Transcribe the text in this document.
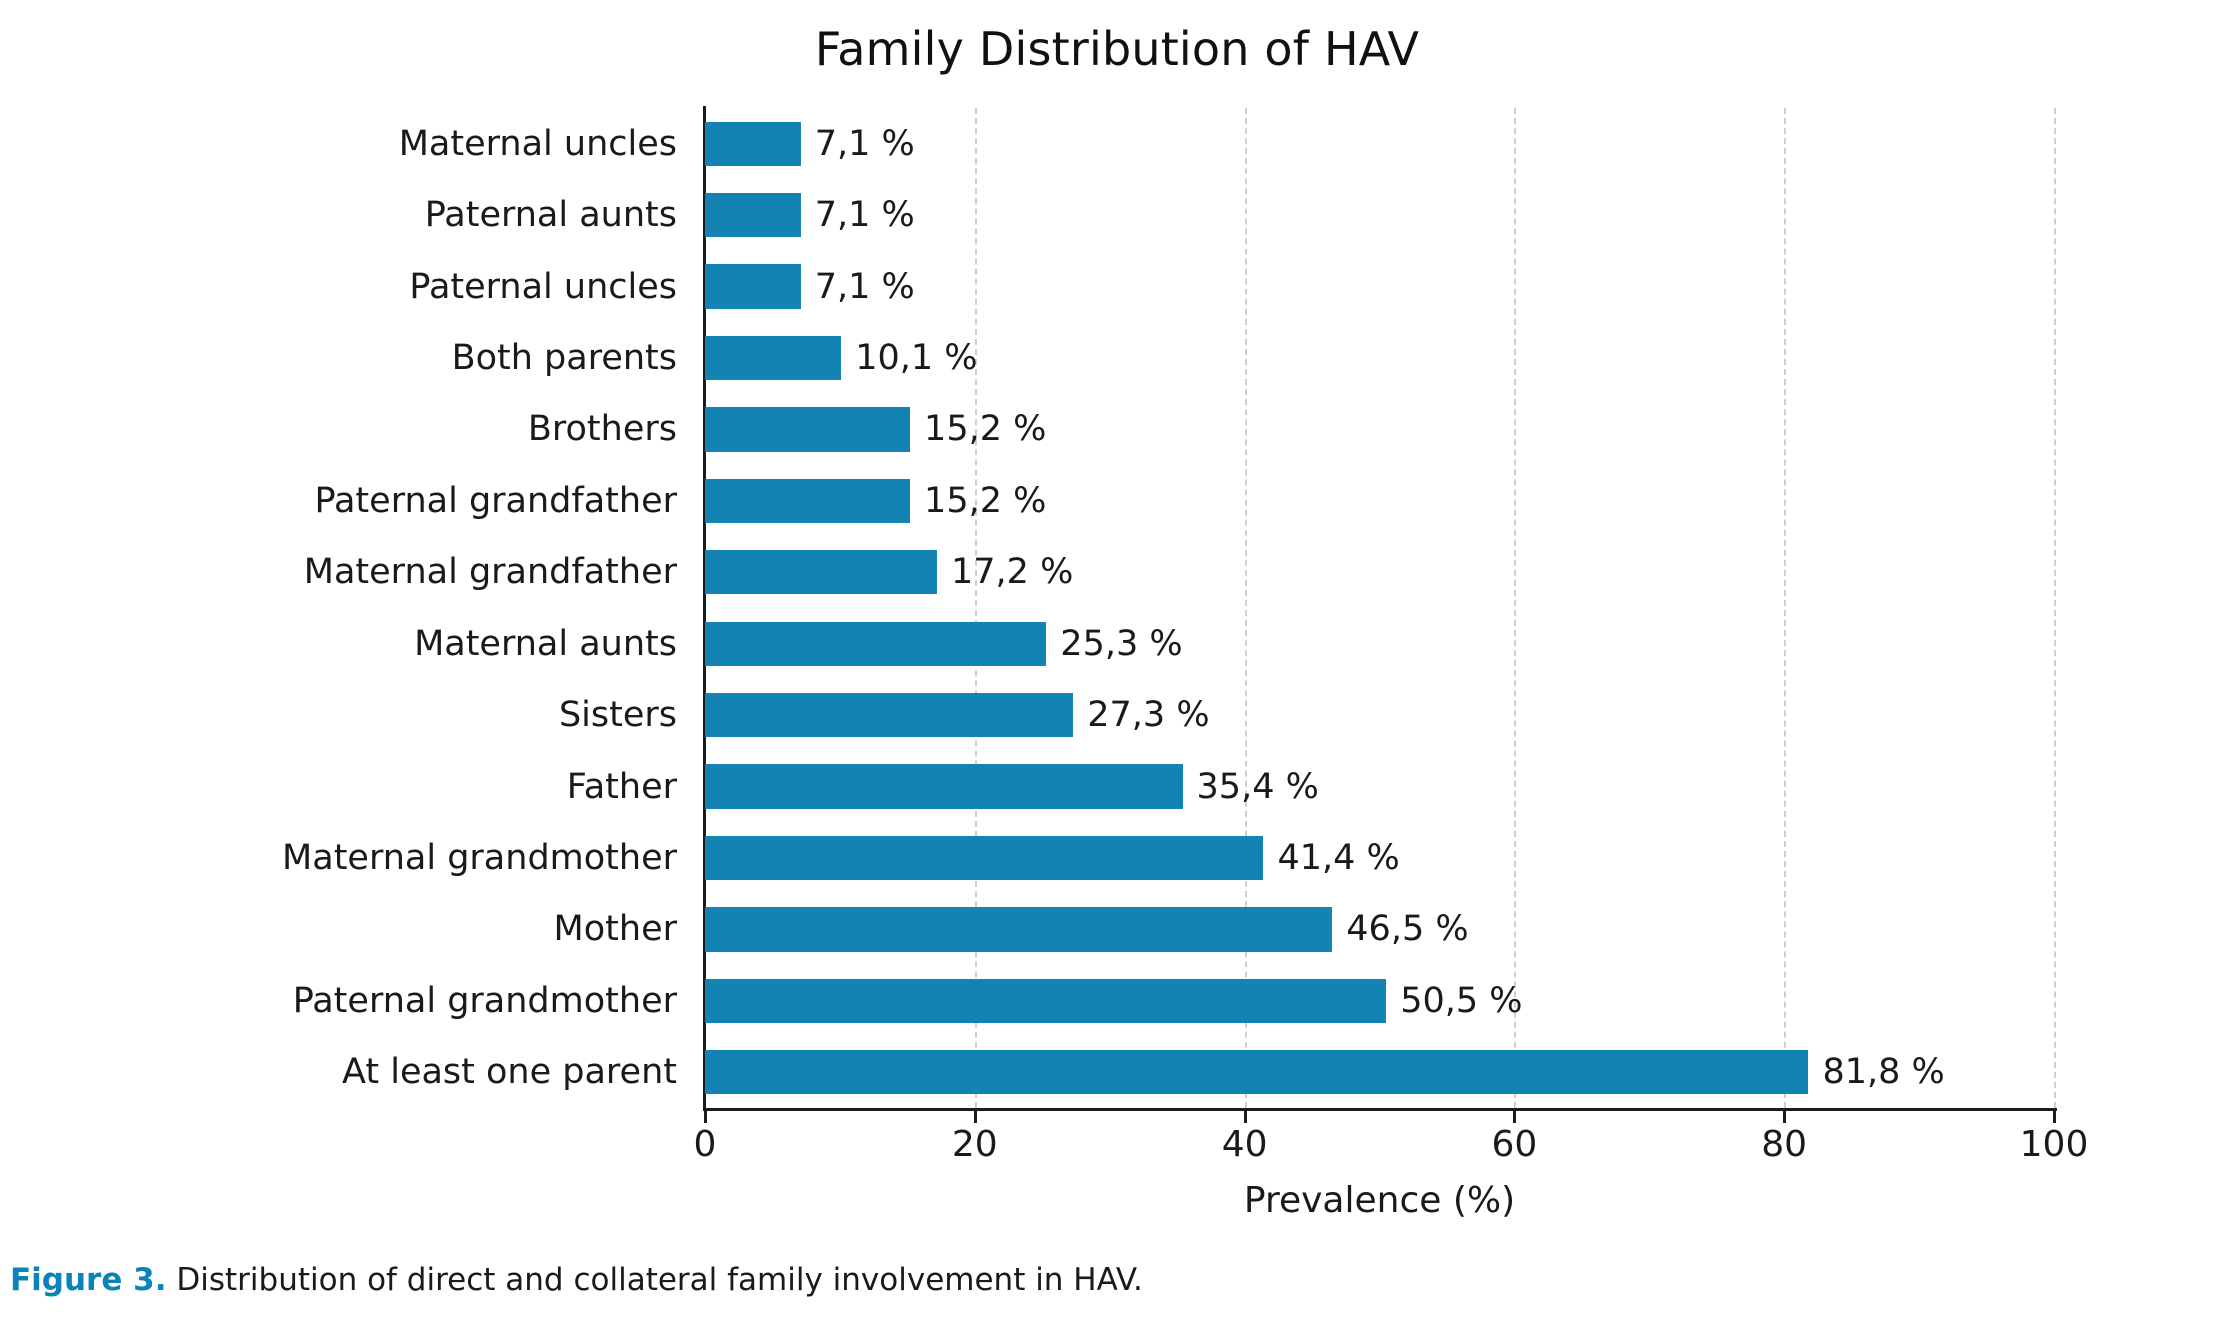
Family Distribution of HAV
7,1 %
Maternal uncles
7,1 %
Paternal aunts
7,1 %
Paternal uncles
10,1 %
Both parents
15,2 %
Brothers
15,2 %
Paternal grandfather
17,2 %
Maternal grandfather
25,3 %
Maternal aunts
27,3 %
Sisters
35,4 %
Father
41,4 %
Maternal grandmother
46,5 %
Mother
50,5 %
Paternal grandmother
81,8 %
At least one parent
0	20	40	60	80	100
Prevalence (%)
Figure 3. Distribution of direct and collateral family involvement in HAV.
